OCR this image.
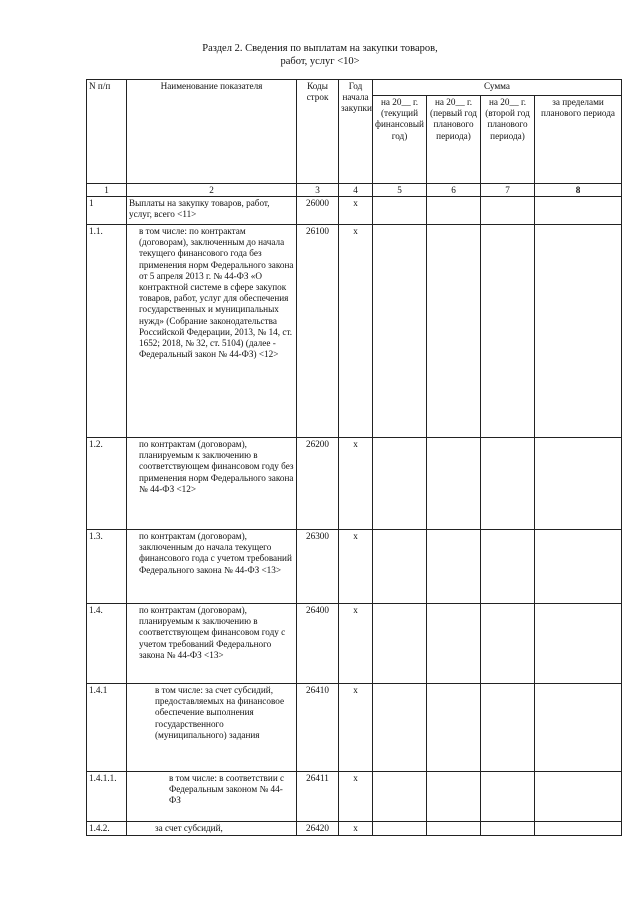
Раздел 2. Сведения по выплатам на закупки товаров,
работ, услуг <10>
N п/п	Наименование показателя	Коды строк	Год начала закупки	Сумма			
				на 20__ г. (текущий финансовый год)	на 20__ г. (первый год планового периода)	на 20__ г. (второй год планового периода)	за пределами планового периода
1	2	3	4	5	6	7	8
1	Выплаты на закупку товаров, работ, услуг, всего <11>	26000	x				
1.1.	в том числе: по контрактам (договорам), заключенным до начала текущего финансового года без применения норм Федерального закона от 5 апреля 2013 г. № 44-ФЗ «О контрактной системе в сфере закупок товаров, работ, услуг для обеспечения государственных и муниципальных нужд» (Собрание законодательства Российской Федерации, 2013, № 14, ст. 1652; 2018, № 32, ст. 5104) (далее - Федеральный закон № 44-ФЗ) <12>	26100	x				
1.2.	по контрактам (договорам), планируемым к заключению в соответствующем финансовом году без применения норм Федерального закона № 44-ФЗ <12>	26200	x				
1.3.	по контрактам (договорам), заключенным до начала текущего финансового года с учетом требований Федерального закона № 44-ФЗ <13>	26300	x				
1.4.	по контрактам (договорам), планируемым к заключению в соответствующем финансовом году с учетом требований Федерального закона № 44-ФЗ <13>	26400	x				
1.4.1	в том числе: за счет субсидий, предоставляемых на финансовое обеспечение выполнения государственного (муниципального) задания	26410	x				
1.4.1.1.	в том числе: в соответствии с Федеральным законом № 44-ФЗ	26411	x				
1.4.2.	за счет субсидий,	26420	x				
